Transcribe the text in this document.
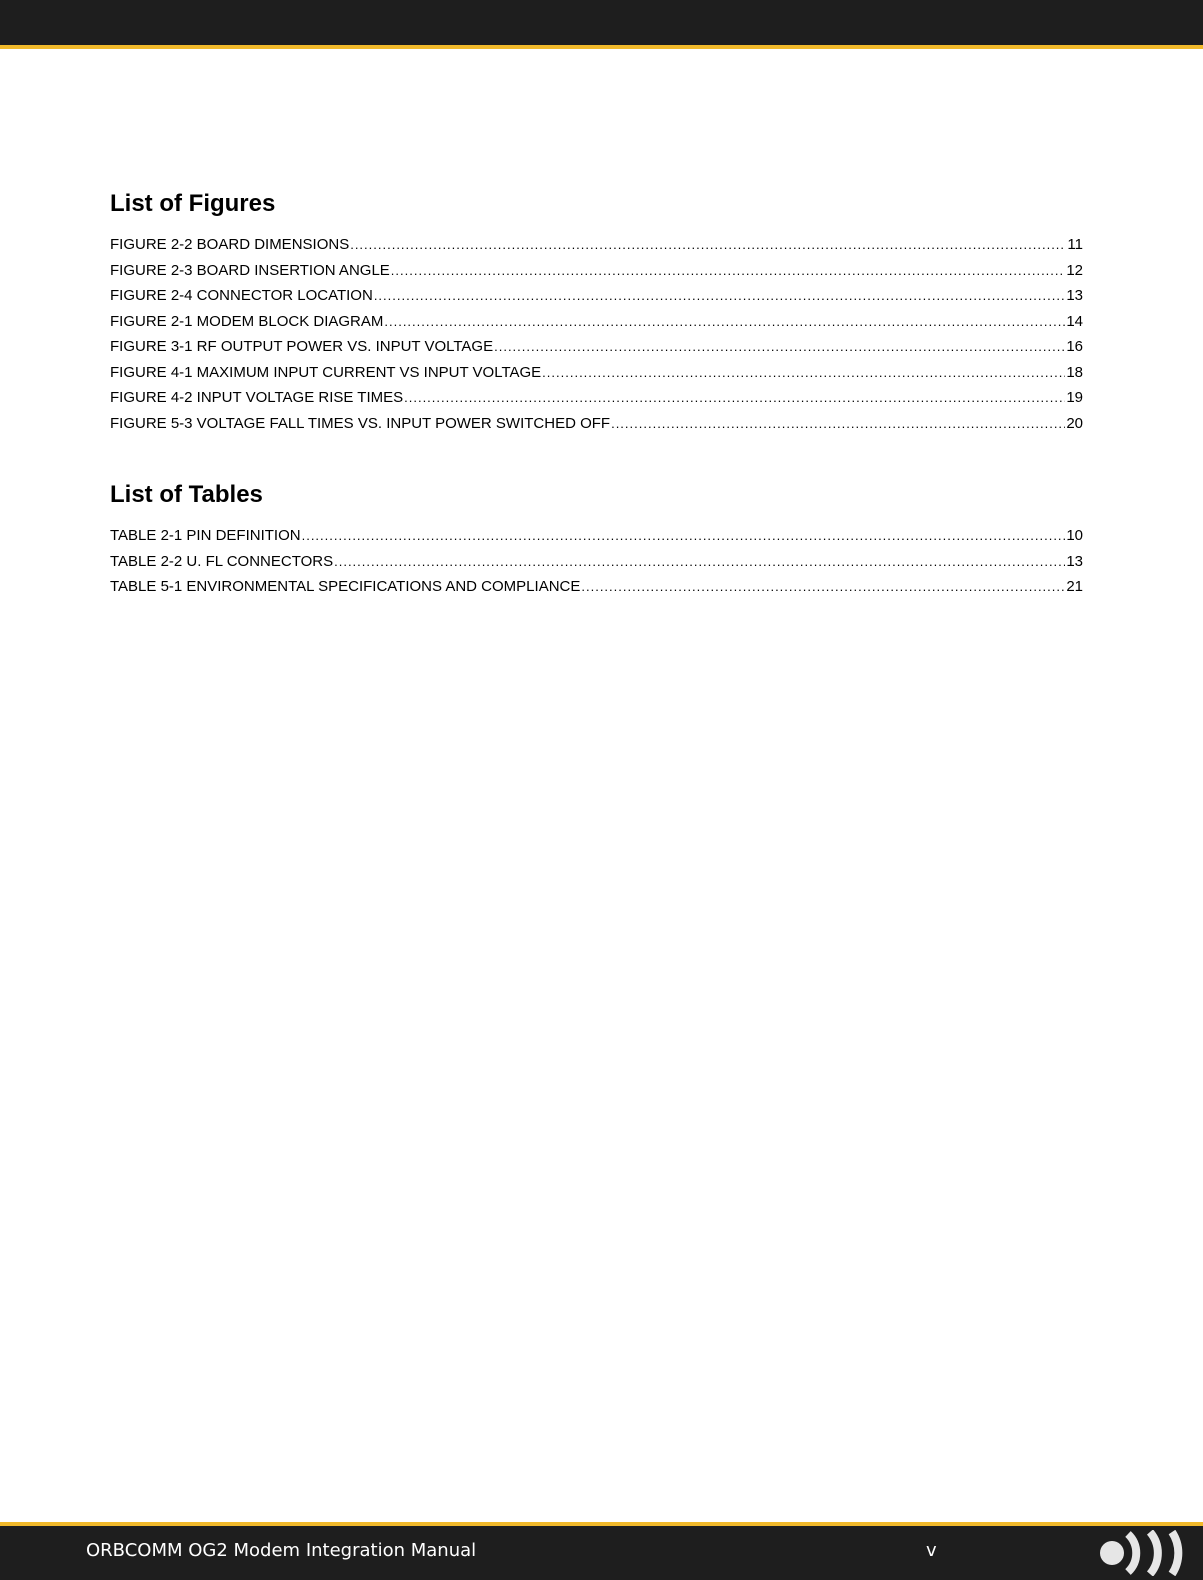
List of Figures
FIGURE 2-2 BOARD DIMENSIONS .....	11
FIGURE 2-3 BOARD INSERTION ANGLE .....	12
FIGURE 2-4 CONNECTOR LOCATION .....	13
FIGURE 2-1 MODEM BLOCK DIAGRAM .....	14
FIGURE 3-1 RF OUTPUT POWER VS. INPUT VOLTAGE .....	16
FIGURE 4-1 MAXIMUM INPUT CURRENT VS INPUT VOLTAGE .....	18
FIGURE 4-2 INPUT VOLTAGE RISE TIMES .....	19
FIGURE 5-3 VOLTAGE FALL TIMES VS. INPUT POWER SWITCHED OFF .....	20
List of Tables
TABLE 2-1 PIN DEFINITION .....	10
TABLE 2-2 U. FL CONNECTORS .....	13
TABLE 5-1 ENVIRONMENTAL SPECIFICATIONS AND COMPLIANCE .....	21
ORBCOMM OG2 Modem Integration Manual	v
